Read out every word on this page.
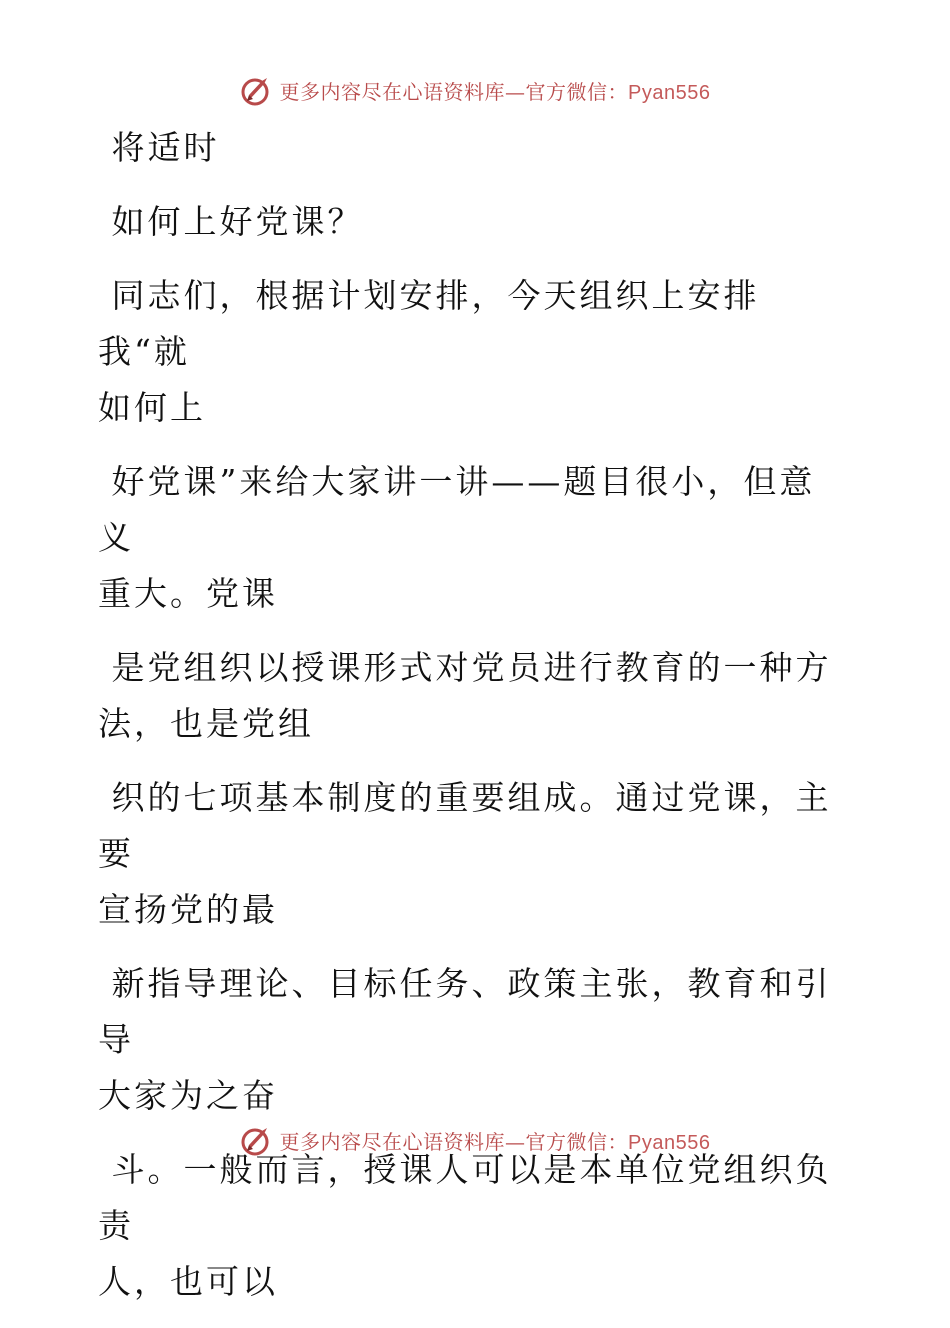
更多内容尽在心语资料库—官方微信：Pyan556

将适时

如何上好党课？

同志们，根据计划安排，今天组织上安排我“就
如何上

好党课”来给大家讲一讲——题目很小，但意义
重大。党课

是党组织以授课形式对党员进行教育的一种方
法，也是党组

织的七项基本制度的重要组成。通过党课，主要
宣扬党的最

新指导理论、目标任务、政策主张，教育和引导
大家为之奋

斗。一般而言，授课人可以是本单位党组织负责
人，也可以

更多内容尽在心语资料库—官方微信：Pyan556
